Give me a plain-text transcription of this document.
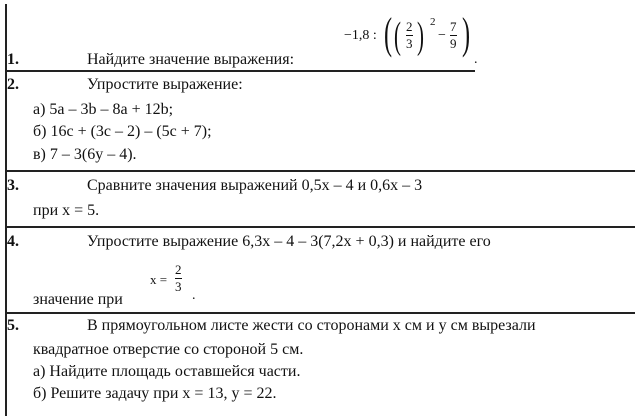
1.	Найдите значение выражения:
−1,8 : ( ( 2
3 ) 2
−
7
9 )
.
2.	Упростите выражение:
а) 5a – 3b – 8a + 12b;
б) 16c + (3c – 2) – (5c + 7);
в) 7 – 3(6y – 4).
3.	Сравните значения выражений 0,5x – 4 и 0,6x – 3
при x = 5.
4.	Упростите выражение 6,3x – 4 – 3(7,2x + 0,3) и найдите его
значение при
x =
2
3
.
5.	В прямоугольном листе жести со сторонами x см и y см вырезали
квадратное отверстие со стороной 5 см.
а) Найдите площадь оставшейся части.
б) Решите задачу при x = 13, y = 22.
